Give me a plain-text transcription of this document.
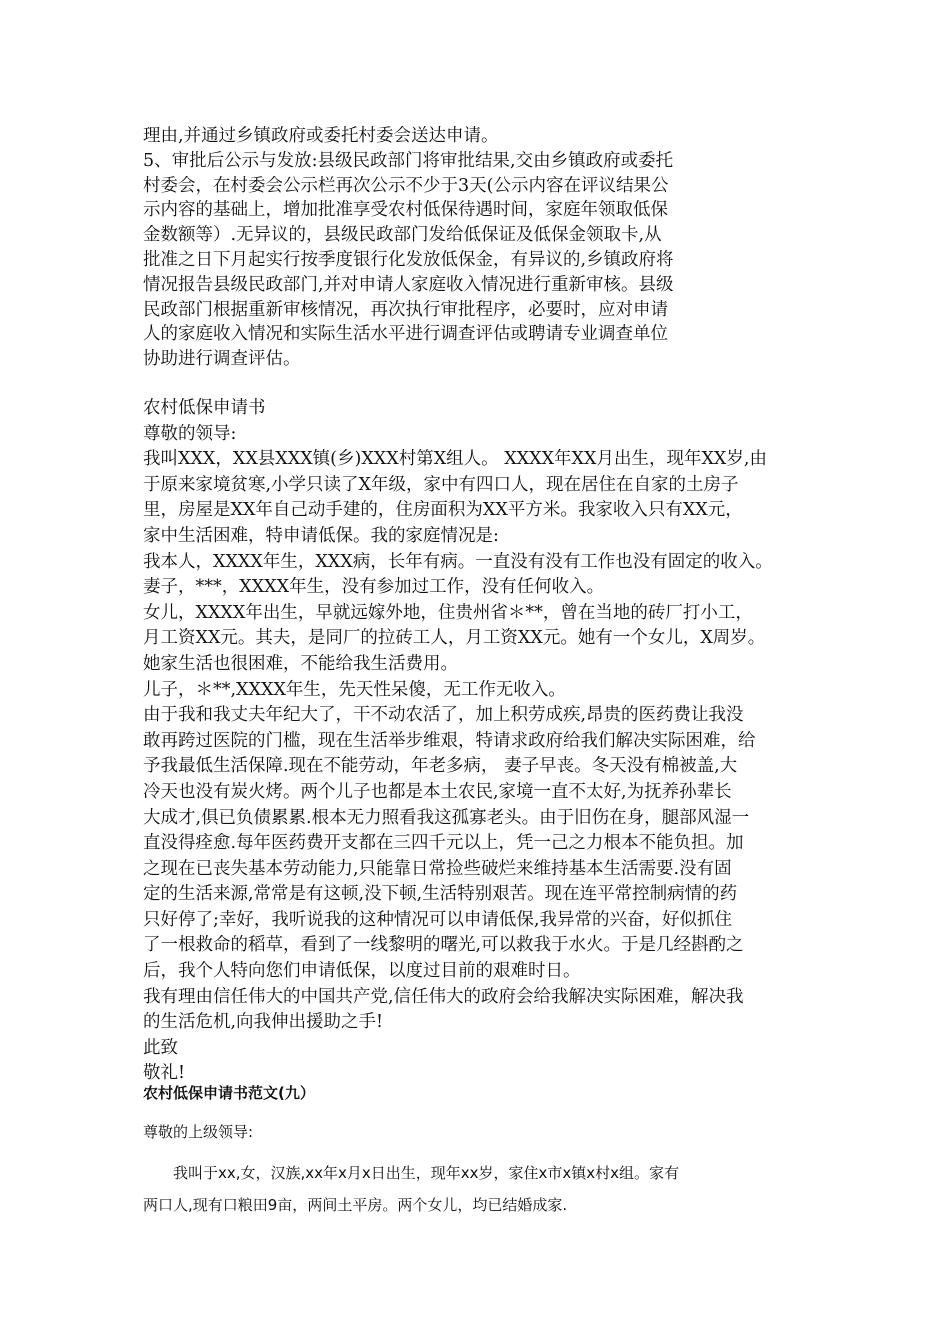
理由,并通过乡镇政府或委托村委会送达申请。
5、审批后公示与发放:县级民政部门将审批结果,交由乡镇政府或委托
村委会，在村委会公示栏再次公示不少于3天(公示内容在评议结果公
示内容的基础上，增加批准享受农村低保待遇时间，家庭年领取低保
金数额等）.无异议的，县级民政部门发给低保证及低保金领取卡,从
批准之日下月起实行按季度银行化发放低保金，有异议的,乡镇政府将
情况报告县级民政部门,并对申请人家庭收入情况进行重新审核。县级
民政部门根据重新审核情况，再次执行审批程序，必要时，应对申请
人的家庭收入情况和实际生活水平进行调查评估或聘请专业调查单位
协助进行调查评估。
农村低保申请书
尊敬的领导:
我叫XXX，XX县XXX镇(乡)XXX村第X组人。 XXXX年XX月出生，现年XX岁,由
于原来家境贫寒,小学只读了X年级，家中有四口人，现在居住在自家的土房子
里，房屋是XX年自己动手建的，住房面积为XX平方米。我家收入只有XX元，
家中生活困难，特申请低保。我的家庭情况是:
我本人，XXXX年生，XXX病，长年有病。一直没有没有工作也没有固定的收入。
妻子，***，XXXX年生，没有参加过工作，没有任何收入。
女儿，XXXX年出生，早就远嫁外地，住贵州省＊**，曾在当地的砖厂打小工，
月工资XX元。其夫，是同厂的拉砖工人，月工资XX元。她有一个女儿，X周岁。
她家生活也很困难，不能给我生活费用。
儿子，＊**,XXXX年生，先天性呆傻，无工作无收入。
由于我和我丈夫年纪大了，干不动农活了，加上积劳成疾,昂贵的医药费让我没
敢再跨过医院的门槛，现在生活举步维艰，特请求政府给我们解决实际困难，给
予我最低生活保障.现在不能劳动，年老多病， 妻子早丧。冬天没有棉被盖,大
冷天也没有炭火烤。两个儿子也都是本土农民,家境一直不太好,为抚养孙辈长
大成才,俱已负债累累.根本无力照看我这孤寡老头。由于旧伤在身，腿部风湿一
直没得痊愈.每年医药费开支都在三四千元以上，凭一己之力根本不能负担。加
之现在已丧失基本劳动能力,只能靠日常捡些破烂来维持基本生活需要.没有固
定的生活来源,常常是有这顿,没下顿,生活特别艰苦。现在连平常控制病情的药
只好停了;幸好，我听说我的这种情况可以申请低保,我异常的兴奋，好似抓住
了一根救命的稻草，看到了一线黎明的曙光,可以救我于水火。于是几经斟酌之
后，我个人特向您们申请低保，以度过目前的艰难时日。
我有理由信任伟大的中国共产党,信任伟大的政府会给我解决实际困难，解决我
的生活危机,向我伸出援助之手!
此致
敬礼!
农村低保申请书范文(九）
尊敬的上级领导:
　　我叫于xx,女，汉族,xx年x月x日出生，现年xx岁，家住x市x镇x村x组。家有
两口人,现有口粮田9亩，两间土平房。两个女儿，均已结婚成家.
